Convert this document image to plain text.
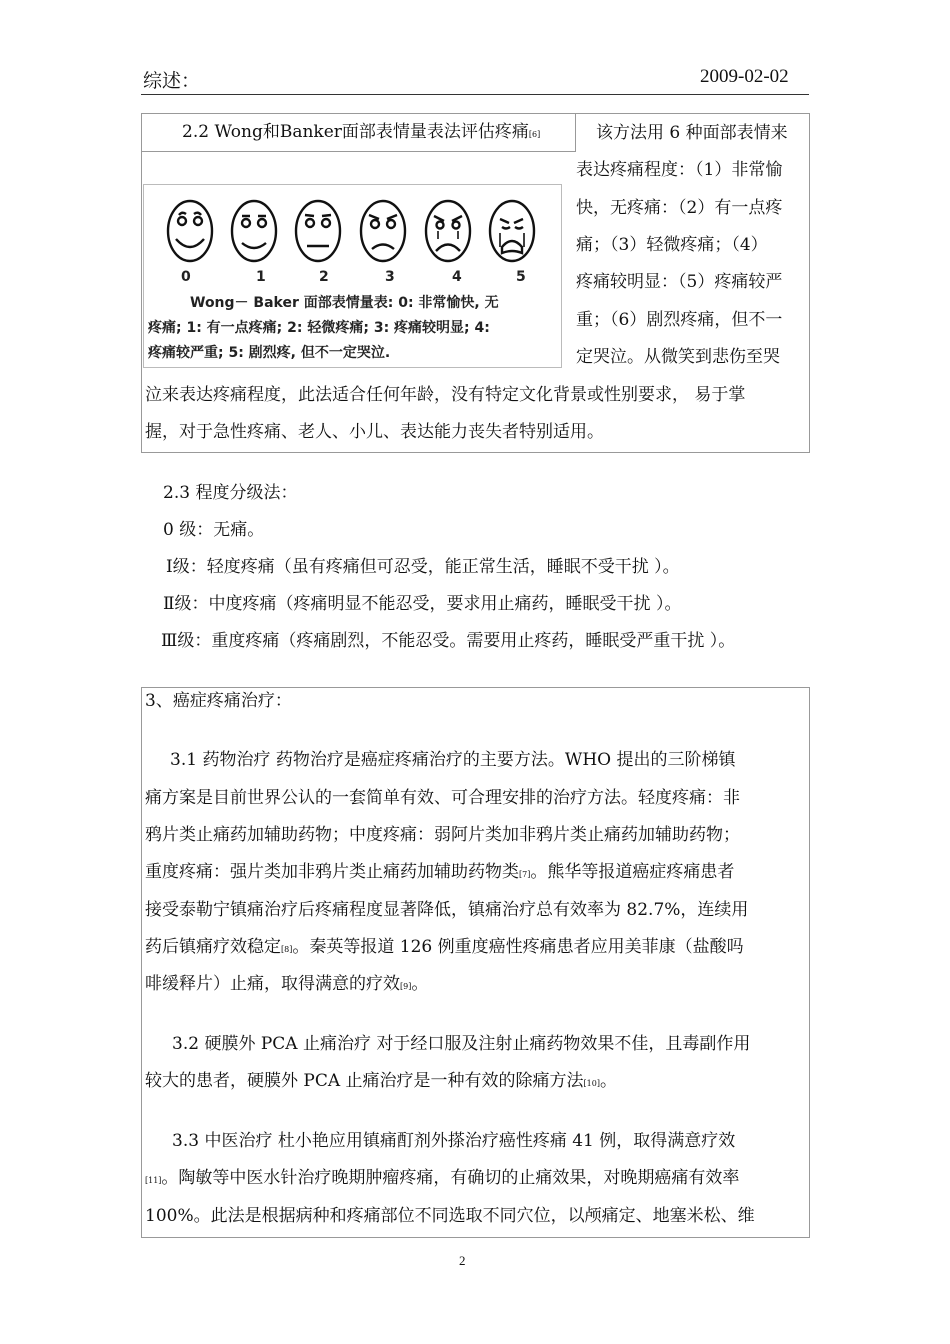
综述：	2009-02-02
2.2 Wong和Banker面部表情量表法评估疼痛[6]	该方法用 6 种面部表情来
表达疼痛程度：（1）非常愉
快，无疼痛：（2）有一点疼
痛；（3）轻微疼痛；（4）
疼痛较明显：（5）疼痛较严
重；（6）剧烈疼痛，但不一
定哭泣。从微笑到悲伤至哭
泣来表达疼痛程度，此法适合任何年龄，没有特定文化背景或性别要求， 易于掌
握，对于急性疼痛、老人、小儿、表达能力丧失者特别适用。
0	1	2	3	4	5
Wong－ Baker 面部表情量表: 0: 非常愉快, 无
疼痛; 1: 有一点疼痛; 2: 轻微疼痛; 3: 疼痛较明显; 4:
疼痛较严重; 5: 剧烈疼, 但不一定哭泣.
2.3 程度分级法：
0 级：无痛。
Ⅰ级：轻度疼痛（虽有疼痛但可忍受，能正常生活，睡眠不受干扰 ）。
Ⅱ级：中度疼痛（疼痛明显不能忍受，要求用止痛药，睡眠受干扰 ）。
Ⅲ级：重度疼痛（疼痛剧烈，不能忍受。需要用止疼药，睡眠受严重干扰 ）。
3、癌症疼痛治疗：
3.1 药物治疗 药物治疗是癌症疼痛治疗的主要方法。WHO 提出的三阶梯镇
痛方案是目前世界公认的一套简单有效、可合理安排的治疗方法。轻度疼痛：非
鸦片类止痛药加辅助药物；中度疼痛：弱阿片类加非鸦片类止痛药加辅助药物；
重度疼痛：强片类加非鸦片类止痛药加辅助药物类[7]。熊华等报道癌症疼痛患者
接受泰勒宁镇痛治疗后疼痛程度显著降低，镇痛治疗总有效率为 82.7%，连续用
药后镇痛疗效稳定[8]。秦英等报道 126 例重度癌性疼痛患者应用美菲康（盐酸吗
啡缓释片）止痛，取得满意的疗效[9]。
3.2 硬膜外 PCA 止痛治疗 对于经口服及注射止痛药物效果不佳，且毒副作用
较大的患者，硬膜外 PCA 止痛治疗是一种有效的除痛方法[10]。
3.3 中医治疗 杜小艳应用镇痛酊剂外搽治疗癌性疼痛 41 例，取得满意疗效
[11]。陶敏等中医水针治疗晚期肿瘤疼痛，有确切的止痛效果，对晚期癌痛有效率
100%。此法是根据病种和疼痛部位不同选取不同穴位，以颅痛定、地塞米松、维
2
